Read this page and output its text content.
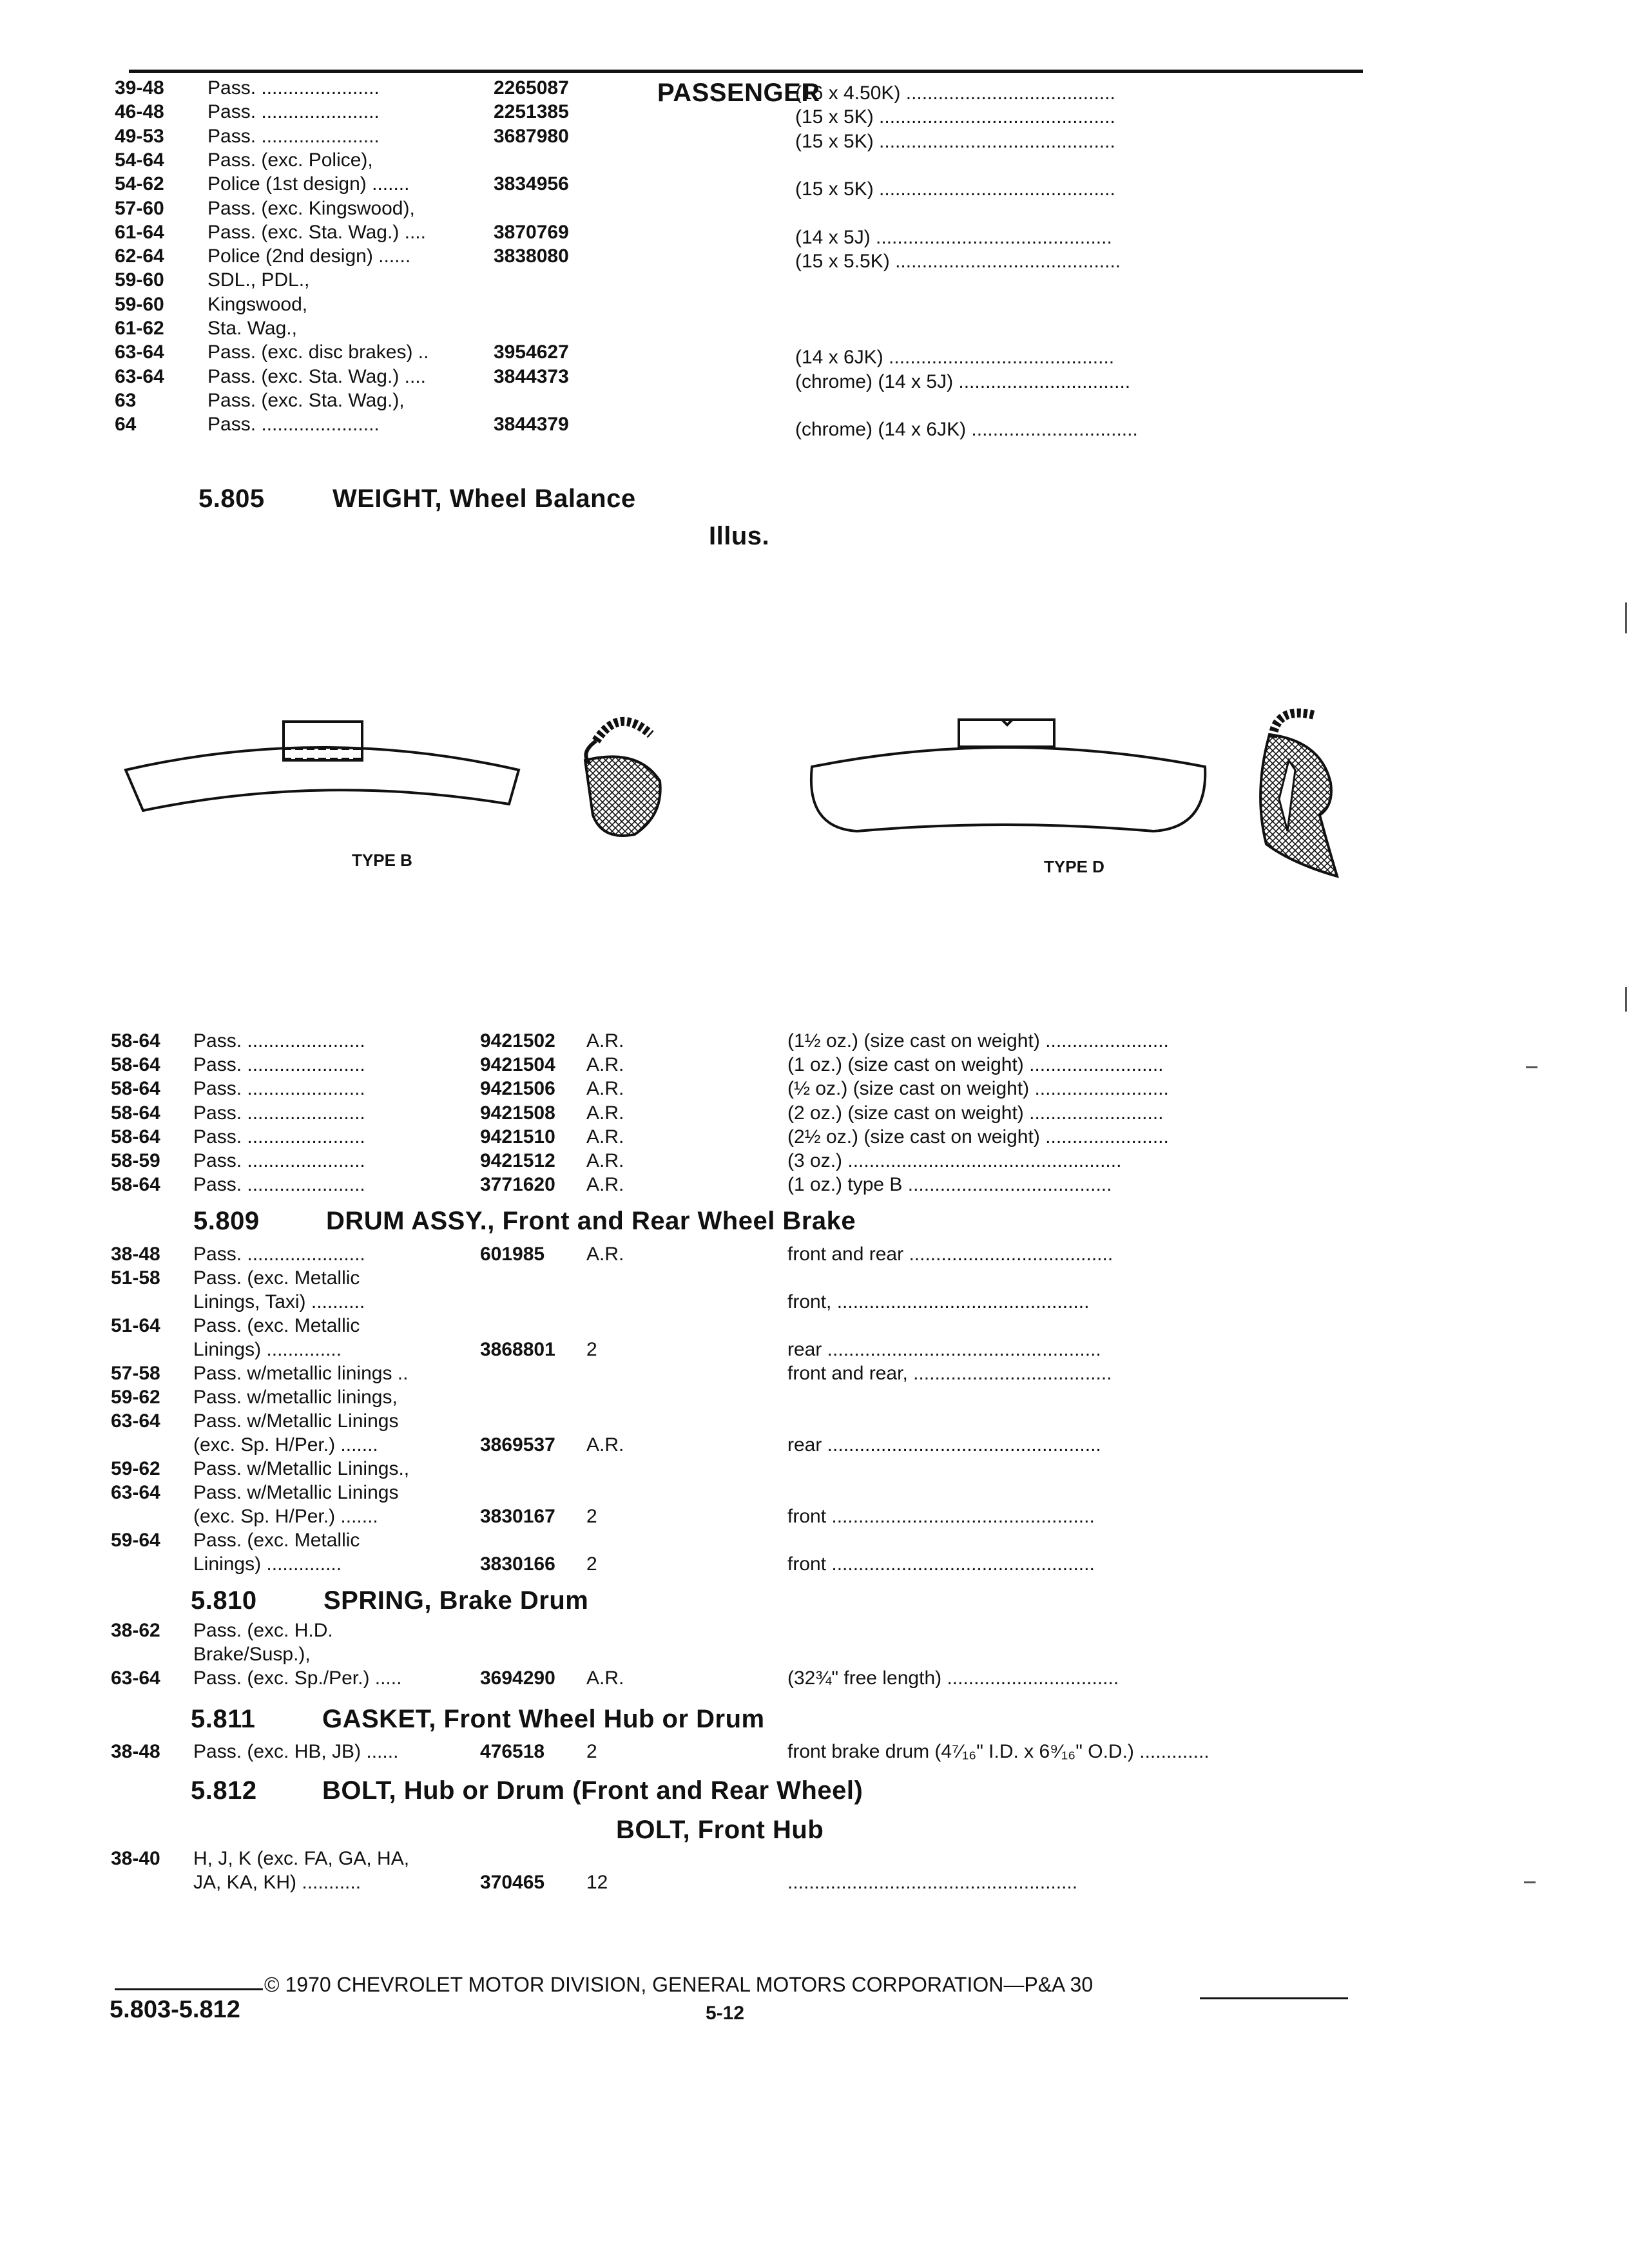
PASSENGER
39-48 Pass. ......................	2265087	(16 x 4.50K) .......................................
46-48 Pass. ......................	2251385	(15 x 5K) ............................................
49-53 Pass. ......................	3687980	(15 x 5K) ............................................
54-64 Pass. (exc. Police),
54-62 Police (1st design) .......	3834956	(15 x 5K) ............................................
57-60 Pass. (exc. Kingswood),
61-64 Pass. (exc. Sta. Wag.) ....	3870769	(14 x 5J) ............................................
62-64 Police (2nd design) ......	3838080	(15 x 5.5K) ..........................................
59-60 SDL., PDL.,
59-60 Kingswood,
61-62 Sta. Wag.,
63-64 Pass. (exc. disc brakes) ..	3954627	(14 x 6JK) ..........................................
63-64 Pass. (exc. Sta. Wag.) ....	3844373	(chrome) (14 x 5J) ................................
63	Pass. (exc. Sta. Wag.),
64	Pass. ......................	3844379	(chrome) (14 x 6JK) ...............................
5.805	WEIGHT, Wheel Balance
Illus.
TYPE B	TYPE D
58-64 Pass. ......................	9421502 A.R.	(1½ oz.) (size cast on weight) .......................
58-64 Pass. ......................	9421504 A.R.	(1 oz.) (size cast on weight) .........................
58-64 Pass. ......................	9421506 A.R.	(½ oz.) (size cast on weight) .........................
58-64 Pass. ......................	9421508 A.R.	(2 oz.) (size cast on weight) .........................
58-64 Pass. ......................	9421510 A.R.	(2½ oz.) (size cast on weight) .......................
58-59 Pass. ......................	9421512 A.R.	(3 oz.) ...................................................
58-64 Pass. ......................	3771620 A.R.	(1 oz.) type B ......................................
5.809	DRUM ASSY., Front and Rear Wheel Brake
38-48 Pass. ......................	601985 A.R.	front and rear ......................................
51-58 Pass. (exc. Metallic
Linings, Taxi) ..........	front, ...............................................
51-64 Pass. (exc. Metallic
Linings) ..............	3868801 2	rear ...................................................
57-58 Pass. w/metallic linings ..	front and rear, .....................................
59-62 Pass. w/metallic linings,
63-64 Pass. w/Metallic Linings
(exc. Sp. H/Per.) .......	3869537 A.R.	rear ...................................................
59-62 Pass. w/Metallic Linings.,
63-64 Pass. w/Metallic Linings
(exc. Sp. H/Per.) .......	3830167 2	front .................................................
59-64 Pass. (exc. Metallic
Linings) ..............	3830166 2	front .................................................
5.810	SPRING, Brake Drum
38-62 Pass. (exc. H.D.
Brake/Susp.),
63-64 Pass. (exc. Sp./Per.) .....	3694290 A.R.	(32¾" free length) ................................
5.811	GASKET, Front Wheel Hub or Drum
38-48 Pass. (exc. HB, JB) ......	476518 2	front brake drum (4⁷⁄₁₆" I.D. x 6⁹⁄₁₆" O.D.) .............
5.812	BOLT, Hub or Drum (Front and Rear Wheel)
BOLT, Front Hub
38-40 H, J, K (exc. FA, GA, HA,
JA, KA, KH) ...........	370465 12	......................................................
© 1970 CHEVROLET MOTOR DIVISION, GENERAL MOTORS CORPORATION—P&A 30
5.803-5.812	5-12
